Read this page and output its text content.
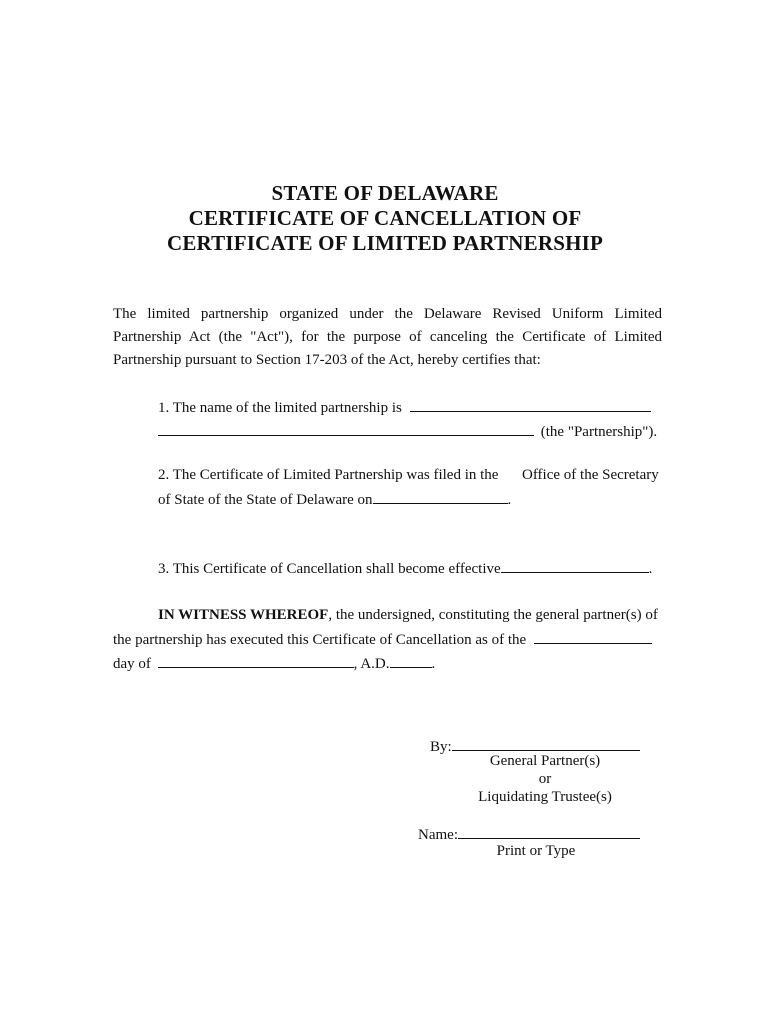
STATE OF DELAWARE
CERTIFICATE OF CANCELLATION OF
CERTIFICATE OF LIMITED PARTNERSHIP
The limited partnership organized under the Delaware Revised Uniform Limited
Partnership Act (the "Act"), for the purpose of canceling the Certificate of Limited
Partnership pursuant to Section 17-203 of the Act, hereby certifies that:
1. The name of the limited partnership is
(the "Partnership").
2. The Certificate of Limited Partnership was filed in the Office of the Secretary
of State of the State of Delaware on	.
3. This Certificate of Cancellation shall become effective	.
IN WITNESS WHEREOF, the undersigned, constituting the general partner(s) of
the partnership has executed this Certificate of Cancellation as of the
day of	, A.D.	.
By:
General Partner(s)
or
Liquidating Trustee(s)
Name:
Print or Type
